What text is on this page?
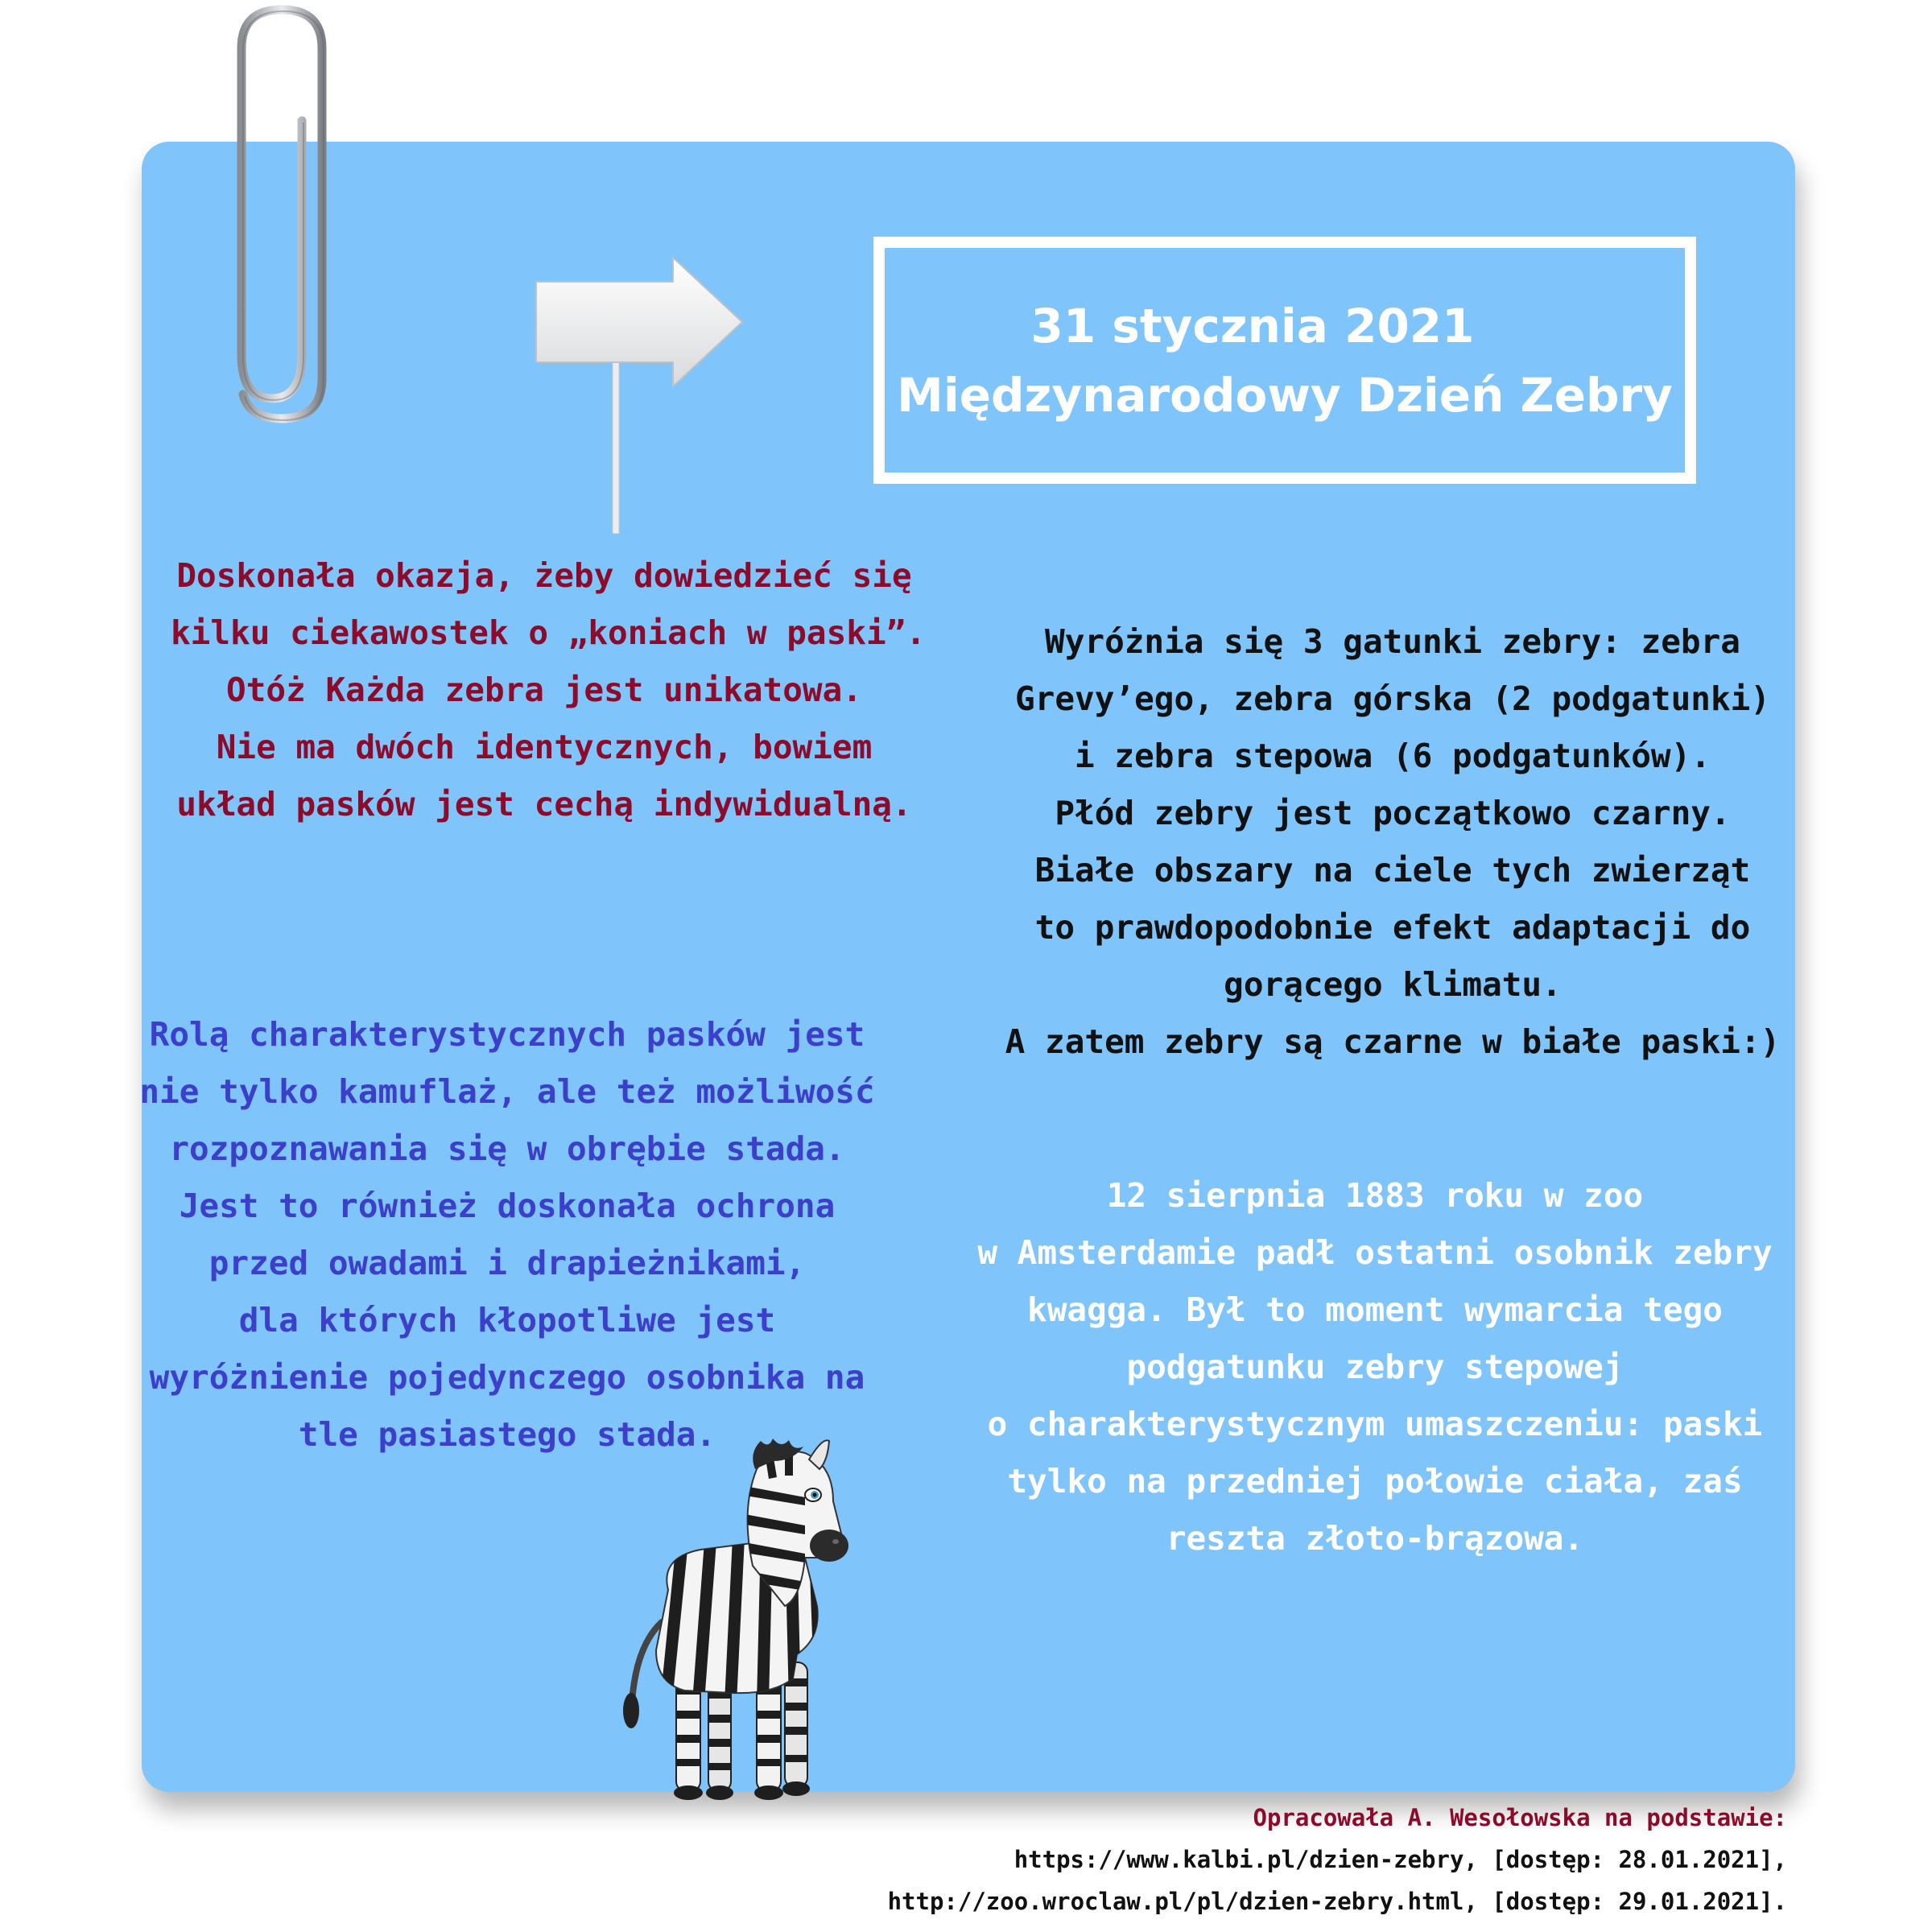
31 stycznia 2021
Międzynarodowy Dzień Zebry
Doskonała okazja, żeby dowiedzieć się
kilku ciekawostek o „koniach w paski”.
Otóż Każda zebra jest unikatowa.
Nie ma dwóch identycznych, bowiem
układ pasków jest cechą indywidualną.
Wyróżnia się 3 gatunki zebry: zebra
Grevy’ego, zebra górska (2 podgatunki)
i zebra stepowa (6 podgatunków).
Płód zebry jest początkowo czarny.
Białe obszary na ciele tych zwierząt
to prawdopodobnie efekt adaptacji do
gorącego klimatu.
A zatem zebry są czarne w białe paski:)
Rolą charakterystycznych pasków jest
nie tylko kamuflaż, ale też możliwość
rozpoznawania się w obrębie stada.
Jest to również doskonała ochrona
przed owadami i drapieżnikami,
dla których kłopotliwe jest
wyróżnienie pojedynczego osobnika na
tle pasiastego stada.
12 sierpnia 1883 roku w zoo
w Amsterdamie padł ostatni osobnik zebry
kwagga. Był to moment wymarcia tego
podgatunku zebry stepowej
o charakterystycznym umaszczeniu: paski
tylko na przedniej połowie ciała, zaś
reszta złoto-brązowa.
Opracowała A. Wesołowska na podstawie:
https://www.kalbi.pl/dzien-zebry, [dostęp: 28.01.2021],
http://zoo.wroclaw.pl/pl/dzien-zebry.html, [dostęp: 29.01.2021].
